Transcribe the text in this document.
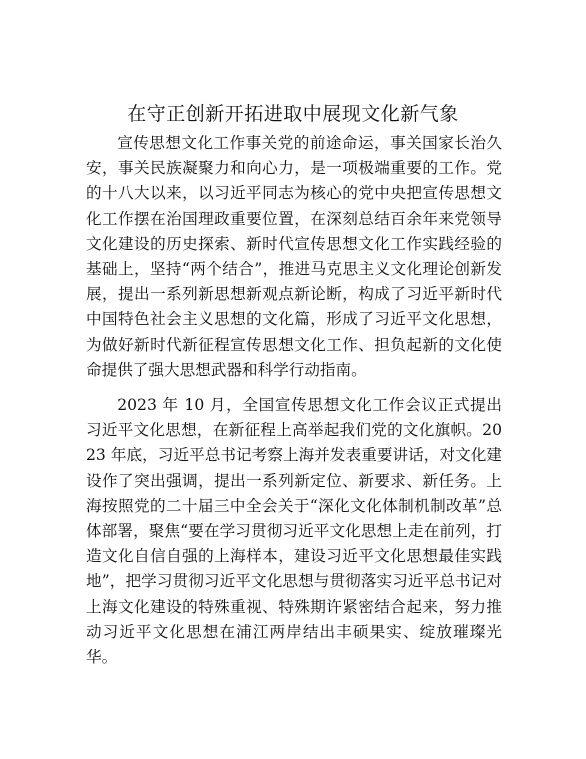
在守正创新开拓进取中展现文化新气象

宣传思想文化工作事关党的前途命运，事关国家长治久安，事关民族凝聚力和向心力，是一项极端重要的工作。党的十八大以来，以习近平同志为核心的党中央把宣传思想文化工作摆在治国理政重要位置，在深刻总结百余年来党领导文化建设的历史探索、新时代宣传思想文化工作实践经验的基础上，坚持“两个结合”，推进马克思主义文化理论创新发展，提出一系列新思想新观点新论断，构成了习近平新时代中国特色社会主义思想的文化篇，形成了习近平文化思想，为做好新时代新征程宣传思想文化工作、担负起新的文化使命提供了强大思想武器和科学行动指南。

2023 年 10 月，全国宣传思想文化工作会议正式提出习近平文化思想，在新征程上高举起我们党的文化旗帜。2023 年底，习近平总书记考察上海并发表重要讲话，对文化建设作了突出强调，提出一系列新定位、新要求、新任务。上海按照党的二十届三中全会关于“深化文化体制机制改革”总体部署，聚焦“要在学习贯彻习近平文化思想上走在前列，打造文化自信自强的上海样本，建设习近平文化思想最佳实践地”，把学习贯彻习近平文化思想与贯彻落实习近平总书记对上海文化建设的特殊重视、特殊期许紧密结合起来，努力推动习近平文化思想在浦江两岸结出丰硕果实、绽放璀璨光华。
